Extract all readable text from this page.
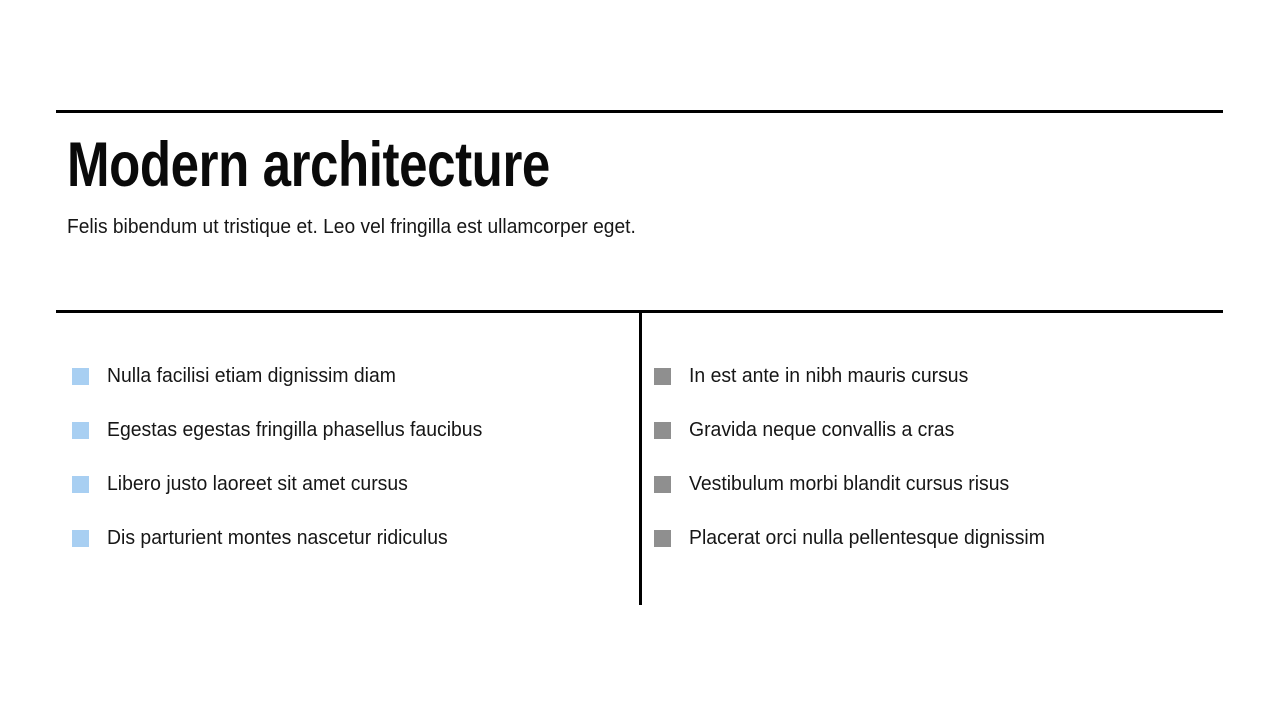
Modern architecture

Felis bibendum ut tristique et. Leo vel fringilla est ullamcorper eget.

Nulla facilisi etiam dignissim diam
Egestas egestas fringilla phasellus faucibus
Libero justo laoreet sit amet cursus
Dis parturient montes nascetur ridiculus
In est ante in nibh mauris cursus
Gravida neque convallis a cras
Vestibulum morbi blandit cursus risus
Placerat orci nulla pellentesque dignissim
